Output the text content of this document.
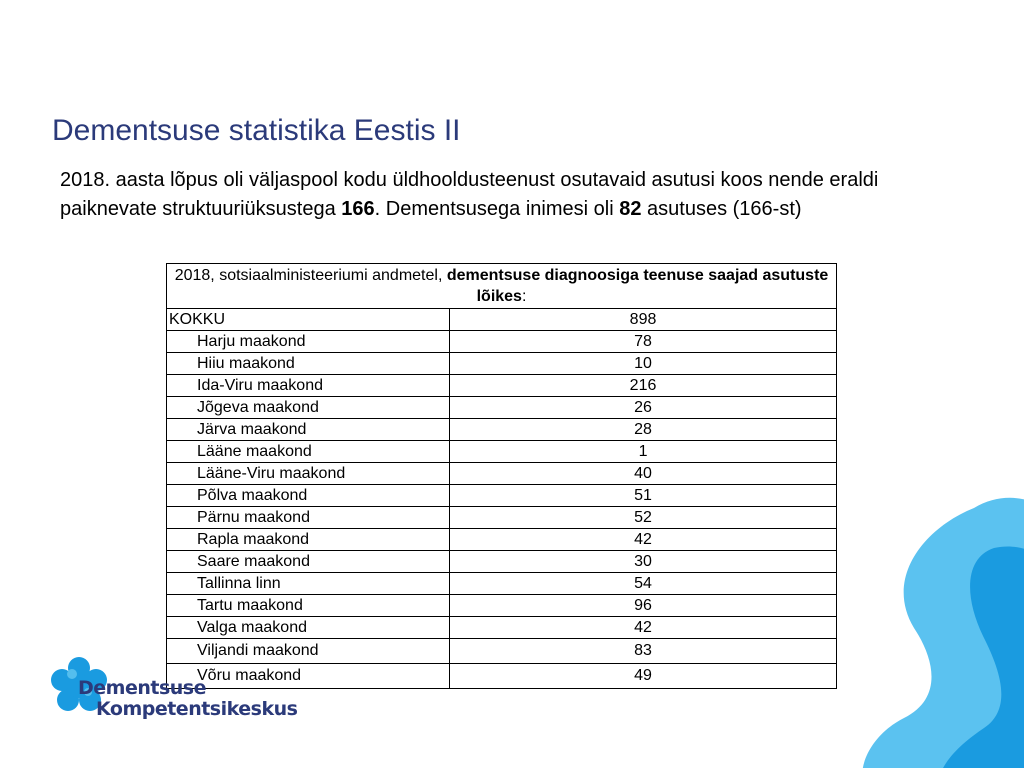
Dementsuse statistika Eestis II

2018. aasta lõpus oli väljaspool kodu üldhooldusteenust osutavaid asutusi koos nende eraldi paiknevate struktuuriüksustega 166. Dementsusega inimesi oli 82 asutuses (166-st)

2018, sotsiaalministeeriumi andmetel, dementsuse diagnoosiga teenuse saajad asutuste lõikes:	
KOKKU	898
Harju maakond	78
Hiiu maakond	10
Ida-Viru maakond	216
Jõgeva maakond	26
Järva maakond	28
Lääne maakond	1
Lääne-Viru maakond	40
Põlva maakond	51
Pärnu maakond	52
Rapla maakond	42
Saare maakond	30
Tallinna linn	54
Tartu maakond	96
Valga maakond	42
Viljandi maakond	83
Võru maakond	49
Dementsuse
Kompetentsikeskus
